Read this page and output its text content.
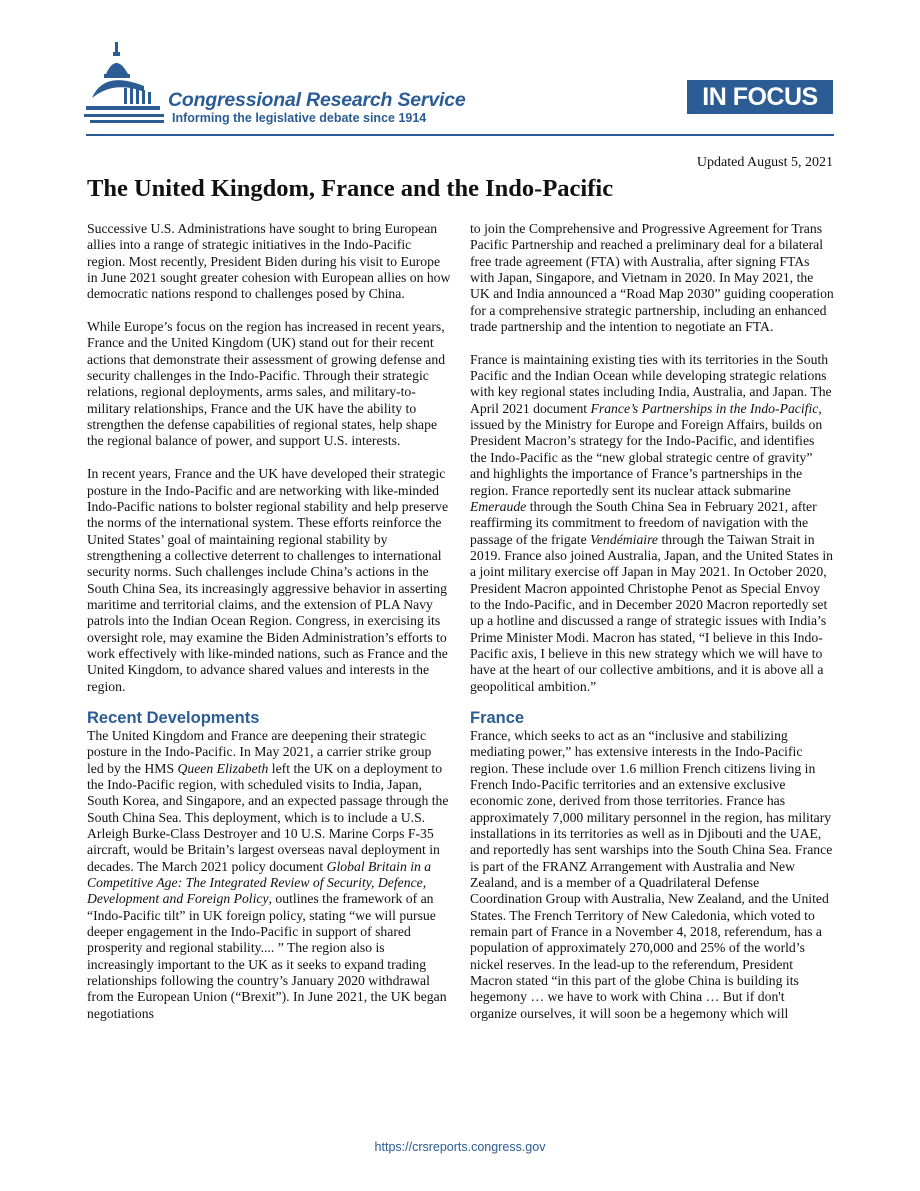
Congressional Research Service
Informing the legislative debate since 1914
IN FOCUS
Updated August 5, 2021
The United Kingdom, France and the Indo-Pacific

Successive U.S. Administrations have sought to bring European allies into a range of strategic initiatives in the Indo-Pacific region. Most recently, President Biden during his visit to Europe in June 2021 sought greater cohesion with European allies on how democratic nations respond to challenges posed by China.

While Europe’s focus on the region has increased in recent years, France and the United Kingdom (UK) stand out for their recent actions that demonstrate their assessment of growing defense and security challenges in the Indo-Pacific. Through their strategic relations, regional deployments, arms sales, and military-to-military relationships, France and the UK have the ability to strengthen the defense capabilities of regional states, help shape the regional balance of power, and support U.S. interests.

In recent years, France and the UK have developed their strategic posture in the Indo-Pacific and are networking with like-minded Indo-Pacific nations to bolster regional stability and help preserve the norms of the international system. These efforts reinforce the United States’ goal of maintaining regional stability by strengthening a collective deterrent to challenges to international security norms. Such challenges include China’s actions in the South China Sea, its increasingly aggressive behavior in asserting maritime and territorial claims, and the extension of PLA Navy patrols into the Indian Ocean Region. Congress, in exercising its oversight role, may examine the Biden Administration’s efforts to work effectively with like-minded nations, such as France and the United Kingdom, to advance shared values and interests in the region.

Recent Developments

The United Kingdom and France are deepening their strategic posture in the Indo-Pacific. In May 2021, a carrier strike group led by the HMS Queen Elizabeth left the UK on a deployment to the Indo-Pacific region, with scheduled visits to India, Japan, South Korea, and Singapore, and an expected passage through the South China Sea. This deployment, which is to include a U.S. Arleigh Burke-Class Destroyer and 10 U.S. Marine Corps F-35 aircraft, would be Britain’s largest overseas naval deployment in decades. The March 2021 policy document Global Britain in a Competitive Age: The Integrated Review of Security, Defence, Development and Foreign Policy, outlines the framework of an “Indo-Pacific tilt” in UK foreign policy, stating “we will pursue deeper engagement in the Indo-Pacific in support of shared prosperity and regional stability.... ” The region also is increasingly important to the UK as it seeks to expand trading relationships following the country’s January 2020 withdrawal from the European Union (“Brexit”). In June 2021, the UK began negotiations

to join the Comprehensive and Progressive Agreement for Trans Pacific Partnership and reached a preliminary deal for a bilateral free trade agreement (FTA) with Australia, after signing FTAs with Japan, Singapore, and Vietnam in 2020. In May 2021, the UK and India announced a “Road Map 2030” guiding cooperation for a comprehensive strategic partnership, including an enhanced trade partnership and the intention to negotiate an FTA.

France is maintaining existing ties with its territories in the South Pacific and the Indian Ocean while developing strategic relations with key regional states including India, Australia, and Japan. The April 2021 document France’s Partnerships in the Indo-Pacific, issued by the Ministry for Europe and Foreign Affairs, builds on President Macron’s strategy for the Indo-Pacific, and identifies the Indo-Pacific as the “new global strategic centre of gravity” and highlights the importance of France’s partnerships in the region. France reportedly sent its nuclear attack submarine Emeraude through the South China Sea in February 2021, after reaffirming its commitment to freedom of navigation with the passage of the frigate Vendémiaire through the Taiwan Strait in 2019. France also joined Australia, Japan, and the United States in a joint military exercise off Japan in May 2021. In October 2020, President Macron appointed Christophe Penot as Special Envoy to the Indo-Pacific, and in December 2020 Macron reportedly set up a hotline and discussed a range of strategic issues with India’s Prime Minister Modi. Macron has stated, “I believe in this Indo-Pacific axis, I believe in this new strategy which we will have to have at the heart of our collective ambitions, and it is above all a geopolitical ambition.”

France

France, which seeks to act as an “inclusive and stabilizing mediating power,” has extensive interests in the Indo-Pacific region. These include over 1.6 million French citizens living in French Indo-Pacific territories and an extensive exclusive economic zone, derived from those territories. France has approximately 7,000 military personnel in the region, has military installations in its territories as well as in Djibouti and the UAE, and reportedly has sent warships into the South China Sea. France is part of the FRANZ Arrangement with Australia and New Zealand, and is a member of a Quadrilateral Defense Coordination Group with Australia, New Zealand, and the United States. The French Territory of New Caledonia, which voted to remain part of France in a November 4, 2018, referendum, has a population of approximately 270,000 and 25% of the world’s nickel reserves. In the lead-up to the referendum, President Macron stated “in this part of the globe China is building its hegemony … we have to work with China … But if don't organize ourselves, it will soon be a hegemony which will

https://crsreports.congress.gov
